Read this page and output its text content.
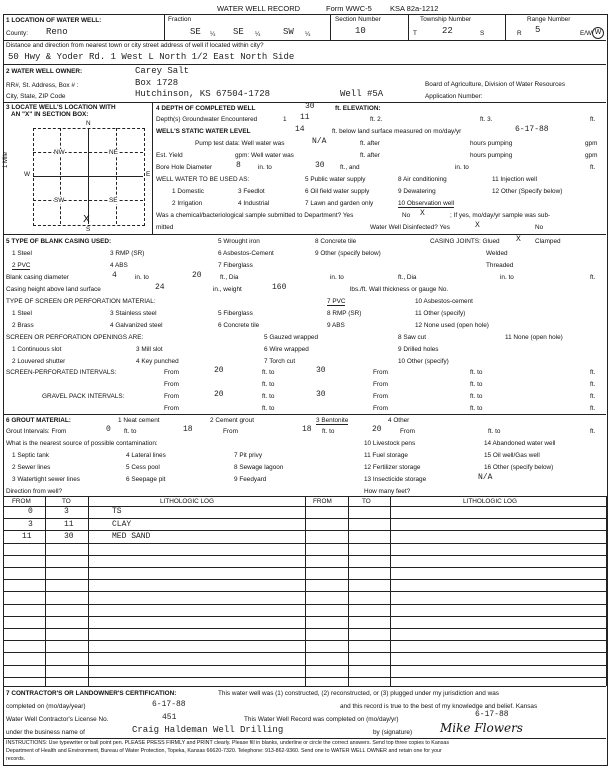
WATER WELL RECORD	Form WWC-5 KSA 82a-1212
1 LOCATION OF WATER WELL:	Fraction	Section Number	Township Number	Range Number
County: Reno	SE ¼ SE ¼	SW ¼	10	T	22	S	R 5	E/W W
Distance and direction from nearest town or city street address of well if located within city?
50 Hwy & Yoder Rd. 1 West L North 1/2 East North Side
2 WATER WELL OWNER:	Carey Salt
RR#, St. Address, Box # :	Box 1728	Board of Agriculture, Division of Water Resources
City, State, ZIP Code	Hutchinson, KS 67504-1728	Well #5A	Application Number:
3 LOCATE WELL'S LOCATION WITH
AN "X" IN SECTION BOX:
N
S
W	E
1 Mile	NW	NE
SW	SE
X
4 DEPTH OF COMPLETED WELL	30	ft. ELEVATION:
Depth(s) Groundwater Encountered	1 11	ft. 2.	ft. 3.	ft.
WELL'S STATIC WATER LEVEL	14	ft. below land surface measured on mo/day/yr	6-17-88
Pump test data: Well water was	N/A	ft. after	hours pumping	gpm
Est. Yield	gpm: Well water was	ft. after	hours pumping	gpm
Bore Hole Diameter	8	in. to	30 ft., and	in. to	ft.
WELL WATER TO BE USED AS:
1 Domestic
2 Irrigation
3 Feedlot
4 Industrial
5 Public water supply
6 Oil field water supply
7 Lawn and garden only
8 Air conditioning
9 Dewatering
10 Observation well
11 Injection well
12 Other (Specify below)
Was a chemical/bacteriological sample submitted to Department? Yes	No X	; If yes, mo/day/yr sample was sub-
mitted	Water Well Disinfected? Yes	X	No
5 TYPE OF BLANK CASING USED:
1 Steel
2 PVC
3 RMP (SR)
4 ABS
5 Wrought iron
6 Asbestos-Cement
7 Fiberglass
8 Concrete tile
9 Other (specify below)
CASING JOINTS: Glued X Clamped
Welded
Threaded
Blank casing diameter	4	in. to	20	ft., Dia	in. to	ft., Dia	in. to	ft.
Casing height above land surface	24	in., weight	160	lbs./ft. Wall thickness or gauge No.
TYPE OF SCREEN OR PERFORATION MATERIAL:
1 Steel
2 Brass
3 Stainless steel
4 Galvanized steel
5 Fiberglass
6 Concrete tile
7 PVC
8 RMP (SR)
9 ABS
10 Asbestos-cement
11 Other (specify)
12 None used (open hole)
SCREEN OR PERFORATION OPENINGS ARE:
1 Continuous slot
2 Louvered shutter
3 Mill slot
4 Key punched
5 Gauzed wrapped
6 Wire wrapped
7 Torch cut
8 Saw cut
9 Drilled holes
10 Other (specify)
11 None (open hole)
SCREEN-PERFORATED INTERVALS:	From	20	ft. to	30	From	ft. to	ft.
From	ft. to	From	ft. to	ft.
GRAVEL PACK INTERVALS:	From	20	ft. to	30	From	ft. to	ft.
From	ft. to	From	ft. to	ft.
6 GROUT MATERIAL:	1 Neat cement	2 Cement grout	3 Bentonite	4 Other
Grout Intervals: From	0 ft. to	18	From	18 ft. to	20	From	ft. to	ft.
What is the nearest source of possible contamination:
1 Septic tank
2 Sewer lines
3 Watertight sewer lines
4 Lateral lines
5 Cess pool
6 Seepage pit
7 Pit privy
8 Sewage lagoon
9 Feedyard
10 Livestock pens
11 Fuel storage
12 Fertilizer storage
13 Insecticide storage	N/A
14 Abandoned water well
15 Oil well/Gas well
16 Other (specify below)
Direction from well?	How many feet?
FROM	TO	LITHOLOGIC LOG	FROM	TO	LITHOLOGIC LOG
0	3	TS
3	11	CLAY
11	30	MED SAND
7 CONTRACTOR'S OR LANDOWNER'S CERTIFICATION:	This water well was (1) constructed, (2) reconstructed, or (3) plugged under my jurisdiction and was
completed on (mo/day/year)	6-17-88	and this record is true to the best of my knowledge and belief. Kansas
Water Well Contractor's License No.	451	This Water Well Record was completed on (mo/day/yr)
6-17-88
under the business name of	Craig Haldeman Well Drilling	by (signature) Mike Flowers
INSTRUCTIONS: Use typewriter or ball point pen. PLEASE PRESS FIRMLY and PRINT clearly. Please fill in blanks, underline or circle the correct answers. Send top three copies to Kansas
Department of Health and Environment, Bureau of Water Protection, Topeka, Kansas 66620-7320. Telephone: 913-862-9360. Send one to WATER WELL OWNER and retain one for your
records.
